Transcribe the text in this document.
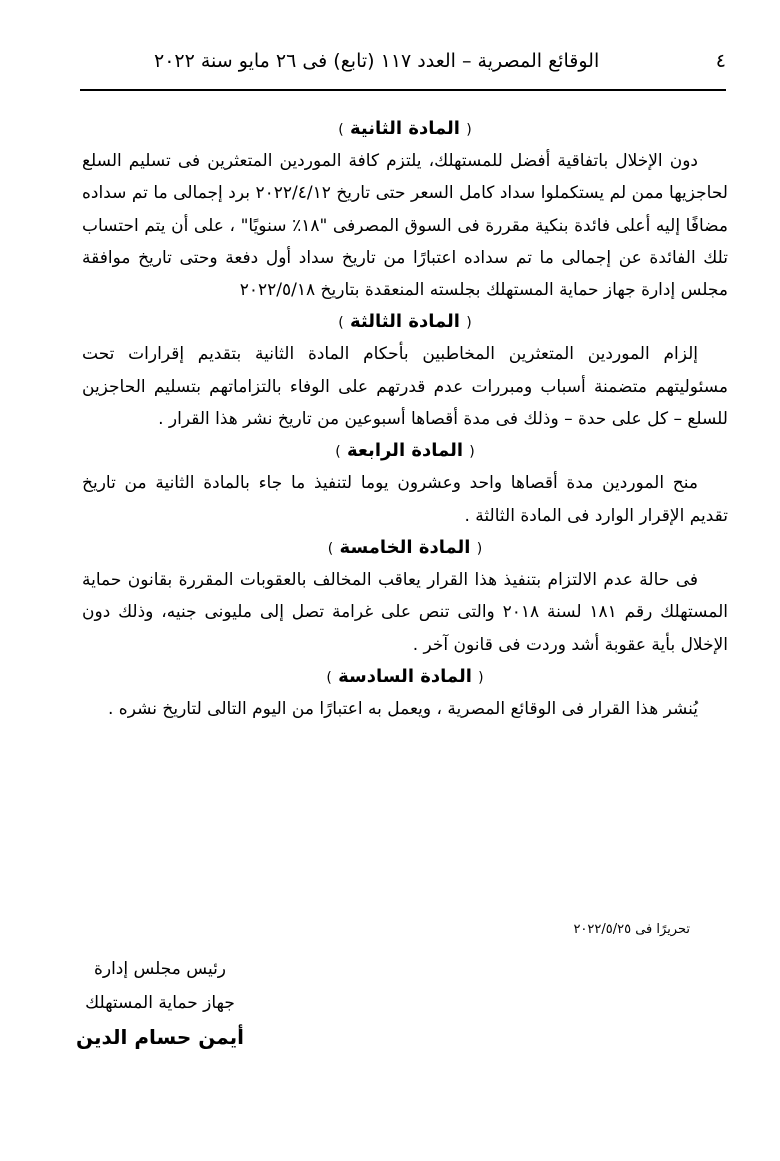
٤
الوقائع المصرية – العدد ١١٧ (تابع) فى ٢٦ مايو سنة ٢٠٢٢
( المادة الثانية )
دون الإخلال باتفاقية أفضل للمستهلك، يلتزم كافة الموردين المتعثرين فى تسليم السلع لحاجزيها ممن لم يستكملوا سداد كامل السعر حتى تاريخ ٢٠٢٢/٤/١٢ برد إجمالى ما تم سداده مضافًا إليه أعلى فائدة بنكية مقررة فى السوق المصرفى "١٨٪ سنويًا" ، على أن يتم احتساب تلك الفائدة عن إجمالى ما تم سداده اعتبارًا من تاريخ سداد أول دفعة وحتى تاريخ موافقة مجلس إدارة جهاز حماية المستهلك بجلسته المنعقدة بتاريخ ٢٠٢٢/٥/١٨
( المادة الثالثة )
إلزام الموردين المتعثرين المخاطبين بأحكام المادة الثانية بتقديم إقرارات تحت مسئوليتهم متضمنة أسباب ومبررات عدم قدرتهم على الوفاء بالتزاماتهم بتسليم الحاجزين للسلع – كل على حدة – وذلك فى مدة أقصاها أسبوعين من تاريخ نشر هذا القرار .
( المادة الرابعة )
منح الموردين مدة أقصاها واحد وعشرون يوما لتنفيذ ما جاء بالمادة الثانية من تاريخ تقديم الإقرار الوارد فى المادة الثالثة .
( المادة الخامسة )
فى حالة عدم الالتزام بتنفيذ هذا القرار يعاقب المخالف بالعقوبات المقررة بقانون حماية المستهلك رقم ١٨١ لسنة ٢٠١٨ والتى تنص على غرامة تصل إلى مليونى جنيه، وذلك دون الإخلال بأية عقوبة أشد وردت فى قانون آخر .
( المادة السادسة )
يُنشر هذا القرار فى الوقائع المصرية ، ويعمل به اعتبارًا من اليوم التالى لتاريخ نشره .
تحريرًا فى ٢٠٢٢/٥/٢٥
رئيس مجلس إدارة
جهاز حماية المستهلك
أيمن حسام الدين
